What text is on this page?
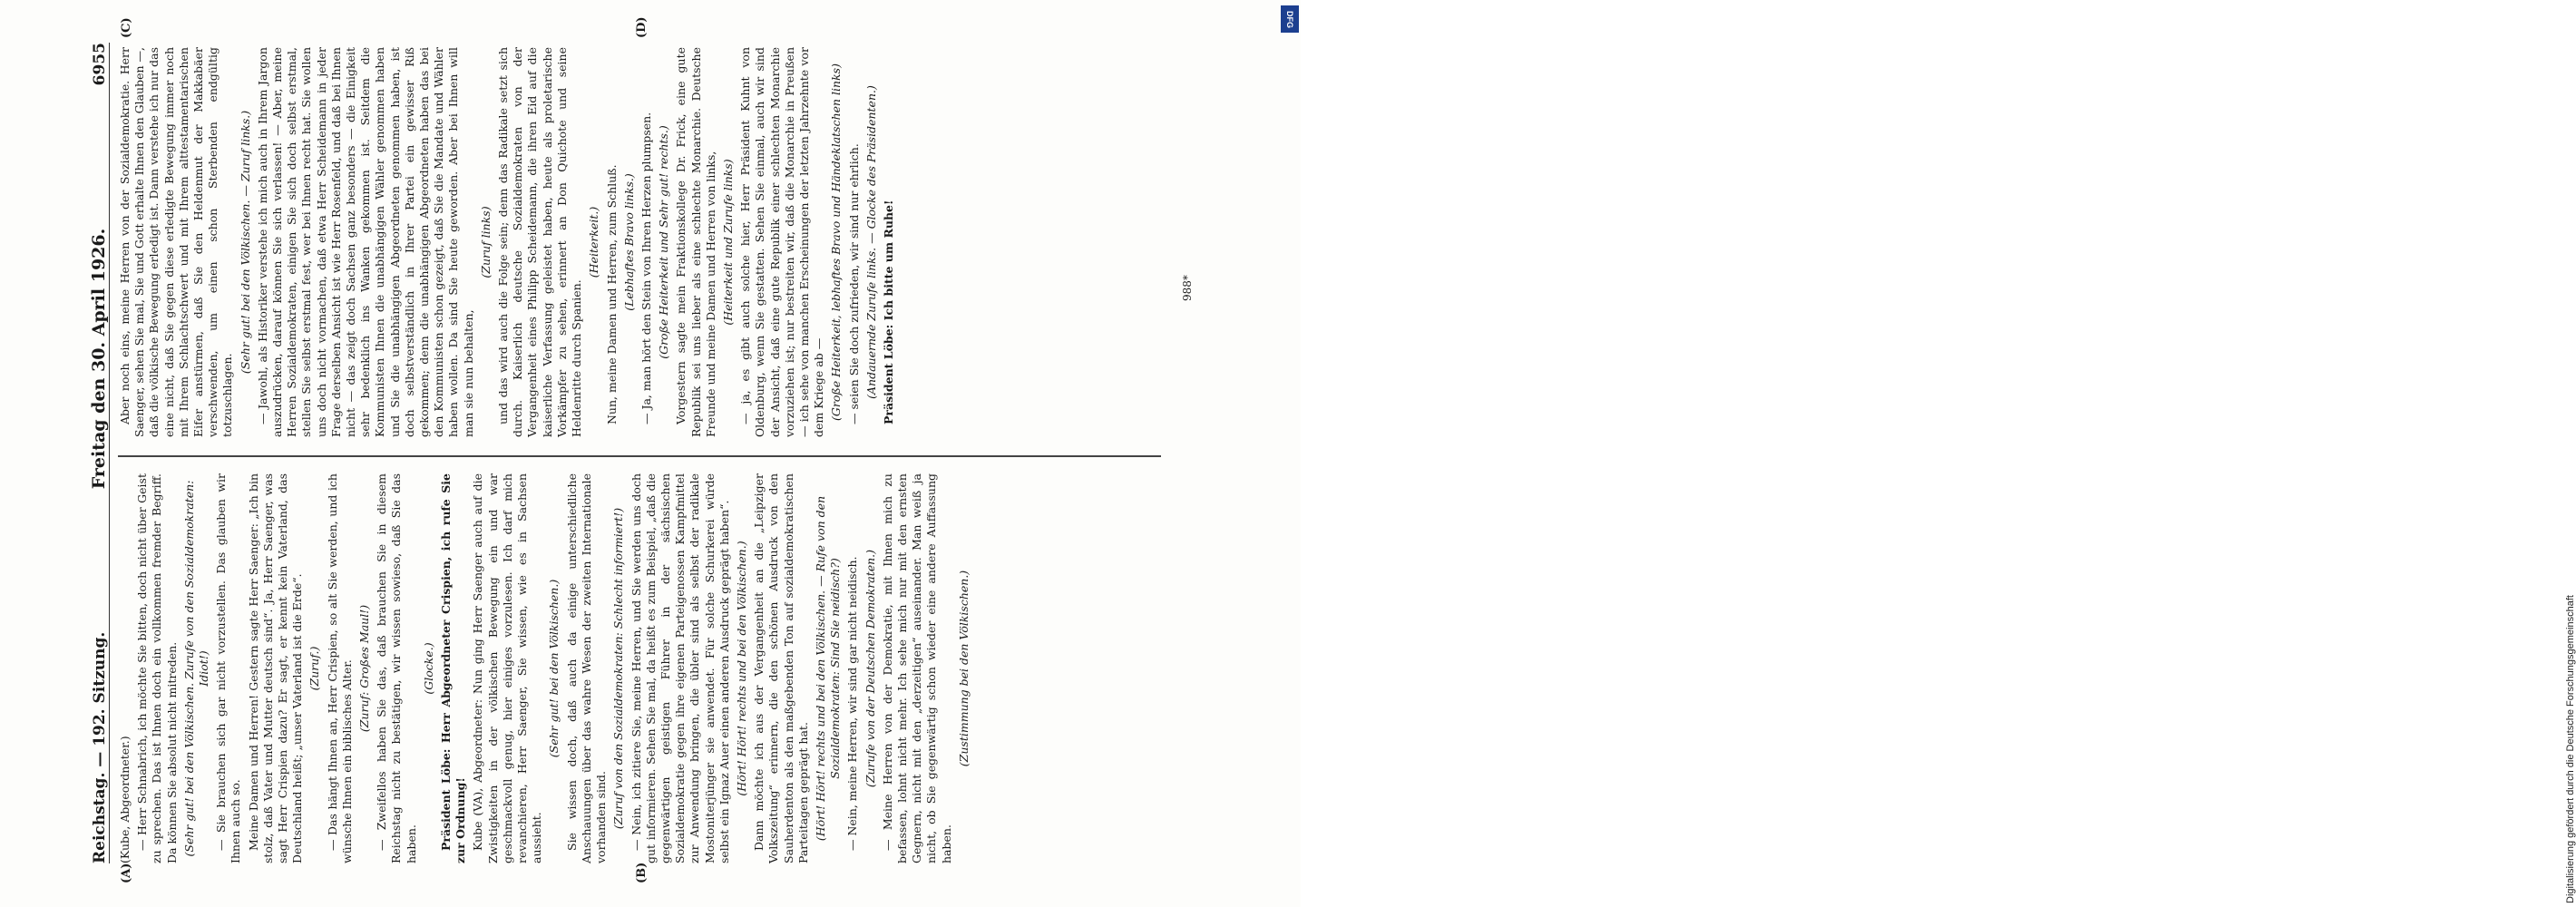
Reichstag. — 192. Sitzung.
Freitag den 30. April 1926.
6955

(Kube, Abgeordneter.) — Herr Schnabrich, ich möchte Sie bitten, doch nicht über Geist zu sprechen. Das ist Ihnen doch ein vollkommen fremder Begriff. Da können Sie absolut nicht mitreden. (Sehr gut! bei den Völkischen. Zurufe von den Sozialdemokraten: Idiot!) — Sie brauchen sich gar nicht vorzustellen. Das glauben wir Ihnen auch so. Meine Damen und Herren! Gestern sagte Herr Saenger: „Ich bin stolz, daß Vater und Mutter deutsch sind“. Ja, Herr Saenger, was sagt Herr Crispien dazu? Er sagt, er kennt kein Vaterland, das Deutschland heißt; „unser Vaterland ist die Erde“. (Zuruf.) — Das hängt Ihnen an, Herr Crispien, so alt Sie werden, und ich wünsche Ihnen ein biblisches Alter. (Zuruf: Großes Maul!) — Zweifellos haben Sie das, daß brauchen Sie in diesem Reichstag nicht zu bestätigen, wir wissen sowieso, daß Sie das haben.

(Glocke.) Präsident Löbe: Herr Abgeordneter Crispien, ich rufe Sie zur Ordnung! Kube (VA), Abgeordneter: Nun ging Herr Saenger auch auf die Zwistigkeiten in der völkischen Bewegung ein und war geschmackvoll genug, hier einiges vorzulesen. Ich darf mich revanchieren, Herr Saenger, Sie wissen, wie es in Sachsen aussieht.

(Sehr gut! bei den Völkischen.) Sie wissen doch, daß auch da einige unterschiedliche Anschauungen über das wahre Wesen der zweiten Internationale vorhanden sind. (Zuruf von den Sozialdemokraten: Schlecht informiert!) — Nein, ich zitiere Sie, meine Herren, und Sie werden uns doch gut informieren. Sehen Sie mal, da heißt es zum Beispiel, „daß die gegenwärtigen geistigen Führer in der sächsischen Sozialdemokratie gegen ihre eigenen Parteigenossen Kampfmittel zur Anwendung bringen, die übler sind als selbst der radikale Mostoniterjünger sie anwendet. Für solche Schurkerei würde selbst ein Ignaz Auer einen anderen Ausdruck geprägt haben“. (Hört! Hört! rechts und bei den Völkischen.) Dann möchte ich aus der Vergangenheit an die „Leipziger Volkszeitung“ erinnern, die den schönen Ausdruck von den Sauherdenton als den maßgebenden Ton auf sozialdemokratischen Parteitagen geprägt hat. (Hört! Hört! rechts und bei den Völkischen. — Rufe von den Sozialdemokraten: Sind Sie neidisch?) — Nein, meine Herren, wir sind gar nicht neidisch. (Zurufe von der Deutschen Demokraten.) — Meine Herren von der Demokratie, mit Ihnen mich zu befassen, lohnt nicht mehr. Ich sehe mich nur mit den ernsten Gegnern, nicht mit den „derzeitigen“ auseinander. Man weiß ja nicht, ob Sie gegenwärtig schon wieder eine andere Auffassung haben.

(Zustimmung bei den Völkischen.)

Aber noch eins, meine Herren von der Sozialdemokratie. Herr Saenger, sehen Sie mal, Sie und Gott erhalte Ihnen den Glauben —, daß die völkische Bewegung erledigt ist. Dann verstehe ich nur das eine nicht, daß Sie gegen diese erledigte Bewegung immer noch mit Ihrem Schlachtschwert und mit Ihrem alttestamentarischen Eifer anstürmen, daß Sie den Heldenmut der Makkabäer verschwenden, um einen schon Sterbenden endgültig totzuschlagen.

(Sehr gut! bei den Völkischen. — Zuruf links.) — Jawohl, als Historiker verstehe ich mich auch in Ihrem Jargon auszudrücken, darauf können Sie sich verlassen! — Aber, meine Herren Sozialdemokraten, einigen Sie sich doch selbst erstmal, stellen Sie selbst erstmal fest, wer bei Ihnen recht hat. Sie wollen uns doch nicht vormachen, daß etwa Herr Scheidemann in jeder Frage derselben Ansicht ist wie Herr Rosenfeld, und daß bei Ihnen nicht — das zeigt doch Sachsen ganz besonders — die Einigkeit sehr bedenklich ins Wanken gekommen ist. Seitdem die Kommunisten Ihnen die unabhängigen Wähler genommen haben und Sie die unabhängigen Abgeordneten genommen haben, ist doch selbstverständlich in Ihrer Partei ein gewisser Riß gekommen; denn die unabhängigen Abgeordneten haben das bei den Kommunisten schon gezeigt, daß Sie die Mandate und Wähler haben wollen. Da sind Sie heute geworden. Aber bei Ihnen will man sie nun behalten,

(Zuruf links) und das wird auch die Folge sein; denn das Radikale setzt sich durch. Kaiserlich deutsche Sozialdemokraten von der Vergangenheit eines Philipp Scheidemann, die ihren Eid auf die kaiserliche Verfassung geleistet haben, heute als proletarische Vorkämpfer zu sehen, erinnert an Don Quichote und seine Heldenritte durch Spanien.

(Heiterkeit.) Nun, meine Damen und Herren, zum Schluß. (Lebhaftes Bravo links.) — Ja, man hört den Stein von Ihren Herzen plumpsen. (Große Heiterkeit und Sehr gut! rechts.) Vorgestern sagte mein Fraktionskollege Dr. Frick, eine gute Republik sei uns lieber als eine schlechte Monarchie. Deutsche Freunde und meine Damen und Herren von links, (Heiterkeit und Zurufe links) — ja, es gibt auch solche hier, Herr Präsident Kuhnt von Oldenburg, wenn Sie gestatten. Sehen Sie einmal, auch wir sind der Ansicht, daß eine gute Republik einer schlechten Monarchie vorzuziehen ist; nur bestreiten wir, daß die Monarchie in Preußen — ich sehe von manchen Erscheinungen der letzten Jahrzehnte vor dem Kriege ab — (Große Heiterkeit, lebhaftes Bravo und Händeklatschen links) — seien Sie doch zufrieden, wir sind nur ehrlich. (Andauernde Zurufe links. — Glocke des Präsidenten.) Präsident Löbe: Ich bitte um Ruhe!

(A)	(B)
(C)	(D)
988*
DFG
Digitalisierung gefördert durch die Deutsche Forschungsgemeinschaft
